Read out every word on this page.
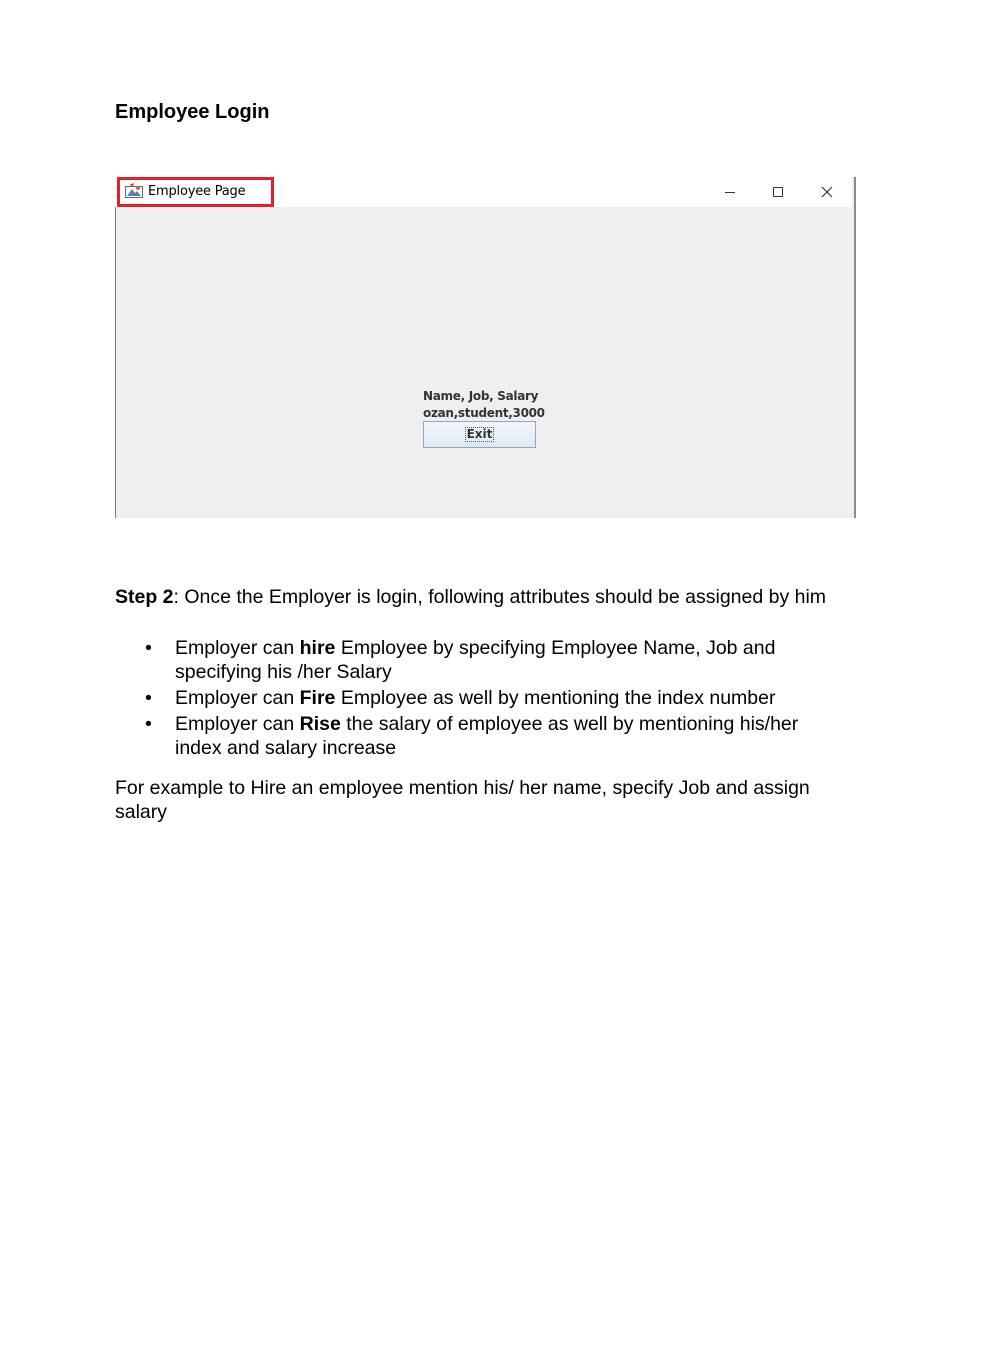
Employee Login
Employee Page
Name, Job, Salary
ozan,student,3000
Exit

Step 2: Once the Employer is login, following attributes should be assigned by him

• Employer can hire Employee by specifying Employee Name, Job and specifying his /her Salary
• Employer can Fire Employee as well by mentioning the index number
• Employer can Rise the salary of employee as well by mentioning his/her index and salary increase

For example to Hire an employee mention his/ her name, specify Job and assign salary
